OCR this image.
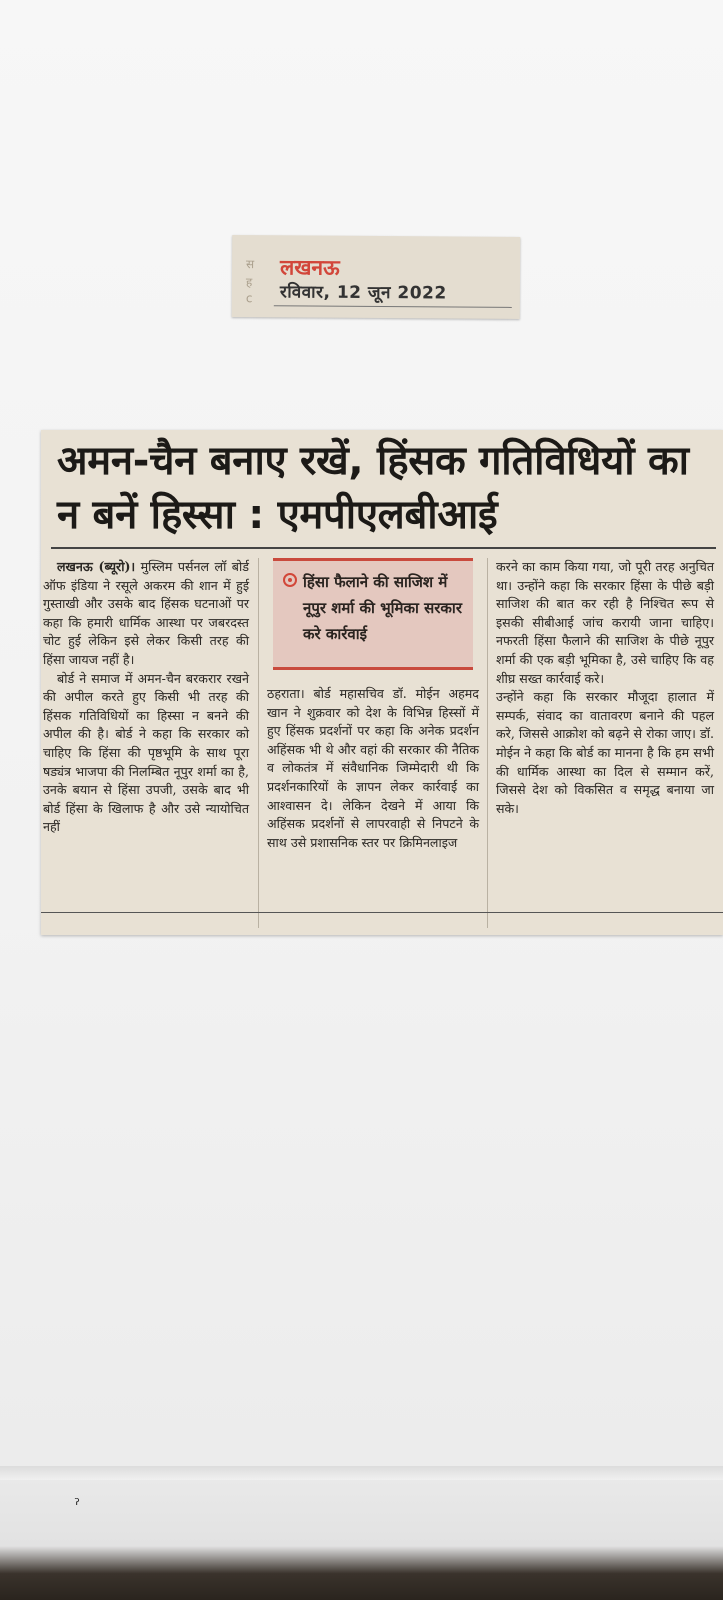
ˀ
स
ह
c
लखनऊ
रविवार, 12 जून 2022
अमन-चैन बनाए रखें, हिंसक गतिविधियों का न बनें हिस्सा : एमपीएलबीआई

लखनऊ (ब्यूरो)। मुस्लिम पर्सनल लॉ बोर्ड ऑफ इंडिया ने रसूले अकरम की शान में हुई गुस्ताखी और उसके बाद हिंसक घटनाओं पर कहा कि हमारी धार्मिक आस्था पर जबरदस्त चोट हुई लेकिन इसे लेकर किसी तरह की हिंसा जायज नहीं है।

बोर्ड ने समाज में अमन-चैन बरकरार रखने की अपील करते हुए किसी भी तरह की हिंसक गतिविधियों का हिस्सा न बनने की अपील की है। बोर्ड ने कहा कि सरकार को चाहिए कि हिंसा की पृष्ठभूमि के साथ पूरा षड्यंत्र भाजपा की निलम्बित नूपुर शर्मा का है, उनके बयान से हिंसा उपजी, उसके बाद भी बोर्ड हिंसा के खिलाफ है और उसे न्यायोचित नहीं

हिंसा फैलाने की साजिश में नूपुर शर्मा की भूमिका सरकार करे कार्रवाई

ठहराता। बोर्ड महासचिव डॉ. मोईन अहमद खान ने शुक्रवार को देश के विभिन्न हिस्सों में हुए हिंसक प्रदर्शनों पर कहा कि अनेक प्रदर्शन अहिंसक भी थे और वहां की सरकार की नैतिक व लोकतंत्र में संवैधानिक जिम्मेदारी थी कि प्रदर्शनकारियों के ज्ञापन लेकर कार्रवाई का आश्वासन दे। लेकिन देखने में आया कि अहिंसक प्रदर्शनों से लापरवाही से निपटने के साथ उसे प्रशासनिक स्तर पर क्रिमिनलाइज

करने का काम किया गया, जो पूरी तरह अनुचित था। उन्होंने कहा कि सरकार हिंसा के पीछे बड़ी साजिश की बात कर रही है निश्चित रूप से इसकी सीबीआई जांच करायी जाना चाहिए। नफरती हिंसा फैलाने की साजिश के पीछे नूपुर शर्मा की एक बड़ी भूमिका है, उसे चाहिए कि वह शीघ्र सख्त कार्रवाई करे।

उन्होंने कहा कि सरकार मौजूदा हालात में सम्पर्क, संवाद का वातावरण बनाने की पहल करे, जिससे आक्रोश को बढ़ने से रोका जाए। डॉ. मोईन ने कहा कि बोर्ड का मानना है कि हम सभी की धार्मिक आस्था का दिल से सम्मान करें, जिससे देश को विकसित व समृद्ध बनाया जा सके।
